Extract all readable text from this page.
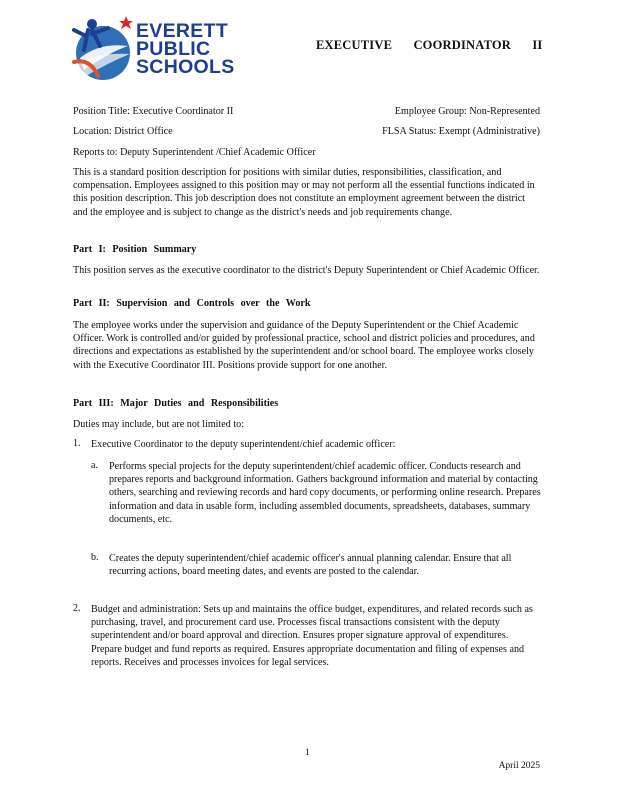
EVERETT
PUBLIC
SCHOOLS
EXECUTIVE COORDINATOR II
Position Title: Executive Coordinator II	Employee Group: Non-Represented
Location: District Office	FLSA Status: Exempt (Administrative)
Reports to: Deputy Superintendent /Chief Academic Officer
This is a standard position description for positions with similar duties, responsibilities, classification, and compensation. Employees assigned to this position may or may not perform all the essential functions indicated in this position description. This job description does not constitute an employment agreement between the district and the employee and is subject to change as the district's needs and job requirements change.
Part I: Position Summary
This position serves as the executive coordinator to the district's Deputy Superintendent or Chief Academic Officer.
Part II: Supervision and Controls over the Work
The employee works under the supervision and guidance of the Deputy Superintendent or the Chief Academic Officer. Work is controlled and/or guided by professional practice, school and district policies and procedures, and directions and expectations as established by the superintendent and/or school board. The employee works closely with the Executive Coordinator III. Positions provide support for one another.
Part III: Major Duties and Responsibilities
Duties may include, but are not limited to:
1. Executive Coordinator to the deputy superintendent/chief academic officer:
a. Performs special projects for the deputy superintendent/chief academic officer. Conducts research and prepares reports and background information. Gathers background information and material by contacting others, searching and reviewing records and hard copy documents, or performing online research. Prepares information and data in usable form, including assembled documents, spreadsheets, databases, summary documents, etc.
b. Creates the deputy superintendent/chief academic officer's annual planning calendar. Ensure that all recurring actions, board meeting dates, and events are posted to the calendar.
2. Budget and administration: Sets up and maintains the office budget, expenditures, and related records such as purchasing, travel, and procurement card use. Processes fiscal transactions consistent with the deputy superintendent and/or board approval and direction. Ensures proper signature approval of expenditures. Prepare budget and fund reports as required. Ensures appropriate documentation and filing of expenses and reports. Receives and processes invoices for legal services.
1
April 2025
